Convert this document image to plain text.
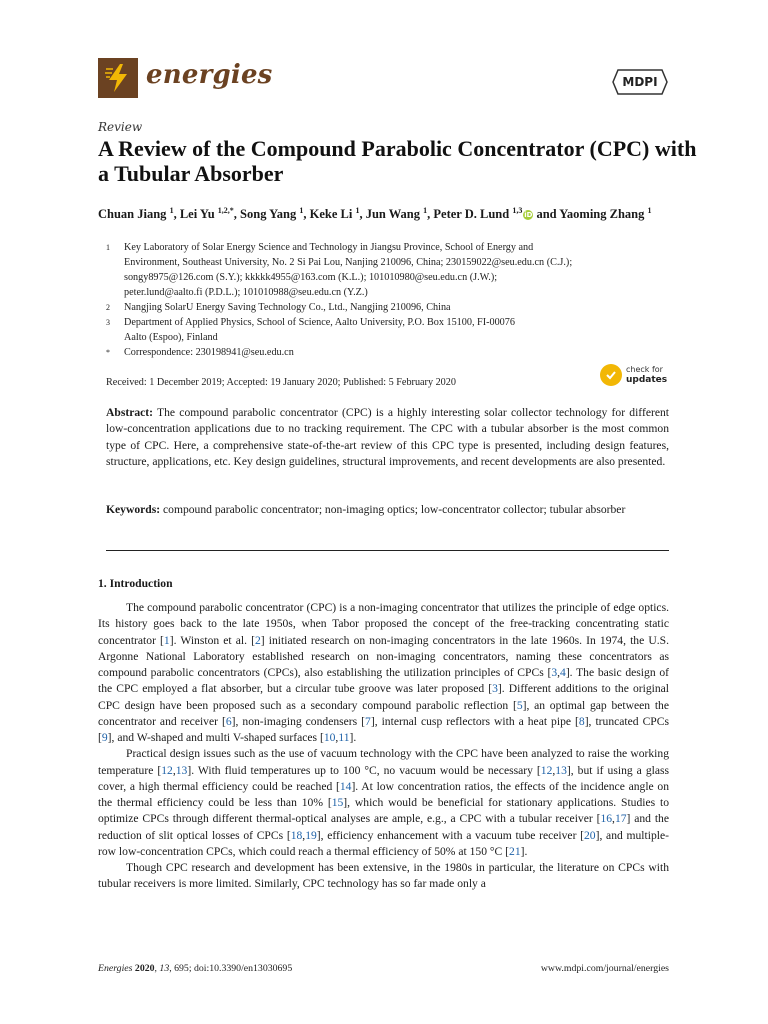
energies	MDPI
Review
A Review of the Compound Parabolic Concentrator (CPC) with a Tubular Absorber
Chuan Jiang $^1$, Lei Yu $^{1,2,*}$, Song Yang $^1$, Keke Li $^1$, Jun Wang $^1$, Peter D. Lund $^{1,3}$iD and Yaoming Zhang $^1$
1	Key Laboratory of Solar Energy Science and Technology in Jiangsu Province, School of Energy and
Environment, Southeast University, No. 2 Si Pai Lou, Nanjing 210096, China; 230159022@seu.edu.cn (C.J.);
songy8975@126.com (S.Y.); kkkkk4955@163.com (K.L.); 101010980@seu.edu.cn (J.W.);
peter.lund@aalto.fi (P.D.L.); 101010988@seu.edu.cn (Y.Z.)
2	Nangjing SolarU Energy Saving Technology Co., Ltd., Nangjing 210096, China
3	Department of Applied Physics, School of Science, Aalto University, P.O. Box 15100, FI-00076
Aalto (Espoo), Finland
*	Correspondence: 230198941@seu.edu.cn
Received: 1 December 2019; Accepted: 19 January 2020; Published: 5 February 2020
check for
updates
Abstract: The compound parabolic concentrator (CPC) is a highly interesting solar collector technology for different low-concentration applications due to no tracking requirement. The CPC with a tubular absorber is the most common type of CPC. Here, a comprehensive state-of-the-art review of this CPC type is presented, including design features, structure, applications, etc. Key design guidelines, structural improvements, and recent developments are also presented.
Keywords: compound parabolic concentrator; non-imaging optics; low-concentrator collector; tubular absorber
1. Introduction

The compound parabolic concentrator (CPC) is a non-imaging concentrator that utilizes the principle of edge optics. Its history goes back to the late 1950s, when Tabor proposed the concept of the free-tracking concentrating static concentrator [1]. Winston et al. [2] initiated research on non-imaging concentrators in the late 1960s. In 1974, the U.S. Argonne National Laboratory established research on non-imaging concentrators, naming these concentrators as compound parabolic concentrators (CPCs), also establishing the utilization principles of CPCs [3,4]. The basic design of the CPC employed a flat absorber, but a circular tube groove was later proposed [3]. Different additions to the original CPC design have been proposed such as a secondary compound parabolic reflection [5], an optimal gap between the concentrator and receiver [6], non-imaging condensers [7], internal cusp reflectors with a heat pipe [8], truncated CPCs [9], and W-shaped and multi V-shaped surfaces [10,11].

Practical design issues such as the use of vacuum technology with the CPC have been analyzed to raise the working temperature [12,13]. With fluid temperatures up to 100 °C, no vacuum would be necessary [12,13], but if using a glass cover, a high thermal efficiency could be reached [14]. At low concentration ratios, the effects of the incidence angle on the thermal efficiency could be less than 10% [15], which would be beneficial for stationary applications. Studies to optimize CPCs through different thermal-optical analyses are ample, e.g., a CPC with a tubular receiver [16,17] and the reduction of slit optical losses of CPCs [18,19], efficiency enhancement with a vacuum tube receiver [20], and multiple-row low-concentration CPCs, which could reach a thermal efficiency of 50% at 150 °C [21].

Though CPC research and development has been extensive, in the 1980s in particular, the literature on CPCs with tubular receivers is more limited. Similarly, CPC technology has so far made only a

Energies 2020, 13, 695; doi:10.3390/en13030695	www.mdpi.com/journal/energies
